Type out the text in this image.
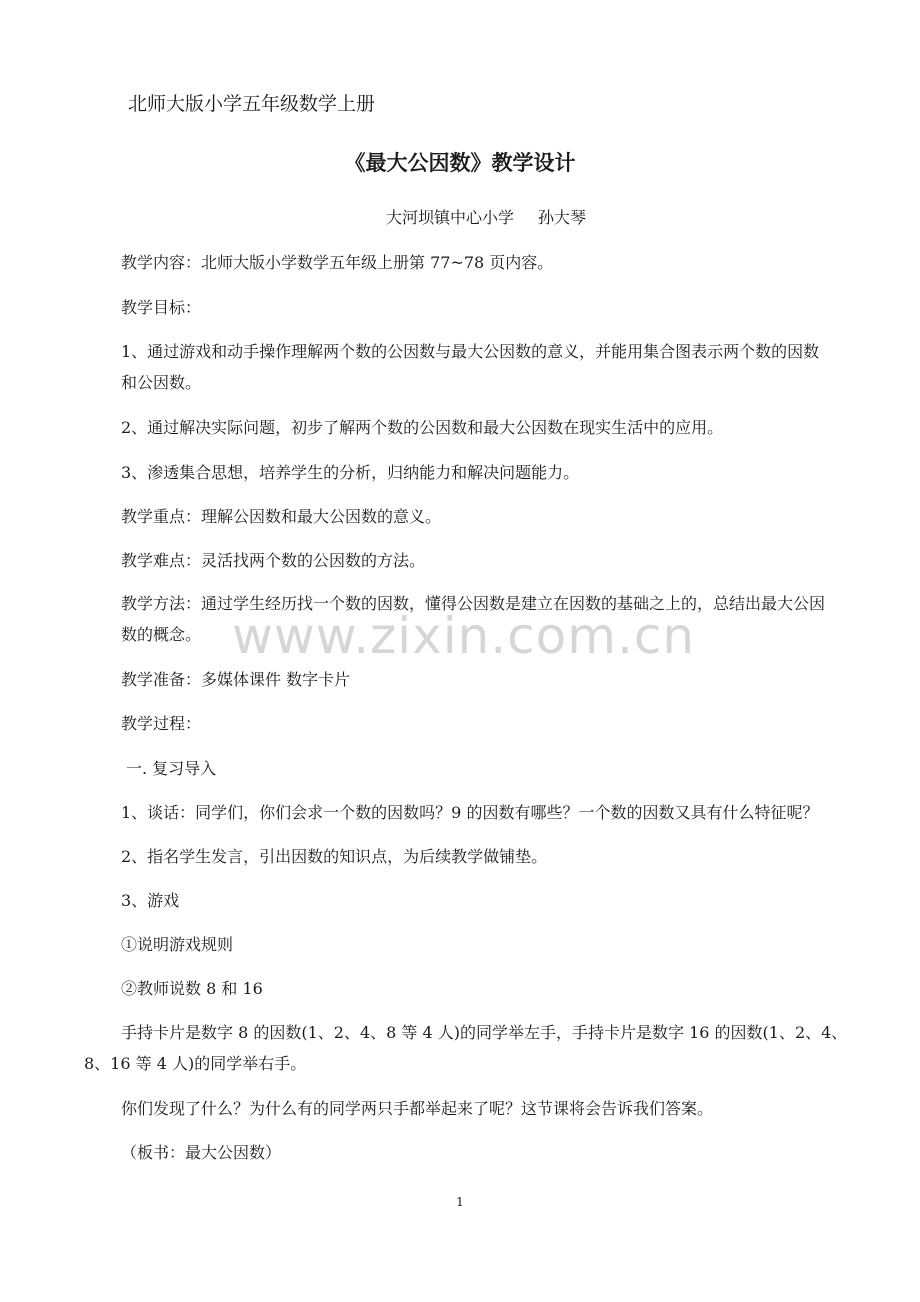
www.zixin.com.cn
北师大版小学五年级数学上册
《最大公因数》教学设计
大河坝镇中心小学 孙大琴
教学内容：北师大版小学数学五年级上册第 77~78 页内容。
教学目标：
1、通过游戏和动手操作理解两个数的公因数与最大公因数的意义，并能用集合图表示两个数的因数
和公因数。
2、通过解决实际问题，初步了解两个数的公因数和最大公因数在现实生活中的应用。
3、渗透集合思想，培养学生的分析，归纳能力和解决问题能力。
教学重点：理解公因数和最大公因数的意义。
教学难点：灵活找两个数的公因数的方法。
教学方法：通过学生经历找一个数的因数，懂得公因数是建立在因数的基础之上的，总结出最大公因
数的概念。
教学准备：多媒体课件 数字卡片
教学过程：
一. 复习导入
1、谈话：同学们，你们会求一个数的因数吗？9 的因数有哪些？一个数的因数又具有什么特征呢？
2、指名学生发言，引出因数的知识点，为后续教学做铺垫。
3、游戏
①说明游戏规则
②教师说数 8 和 16
手持卡片是数字 8 的因数(1、2、4、8 等 4 人)的同学举左手，手持卡片是数字 16 的因数(1、2、4、
8、16 等 4 人)的同学举右手。
你们发现了什么？为什么有的同学两只手都举起来了呢？这节课将会告诉我们答案。
（板书：最大公因数）
1
